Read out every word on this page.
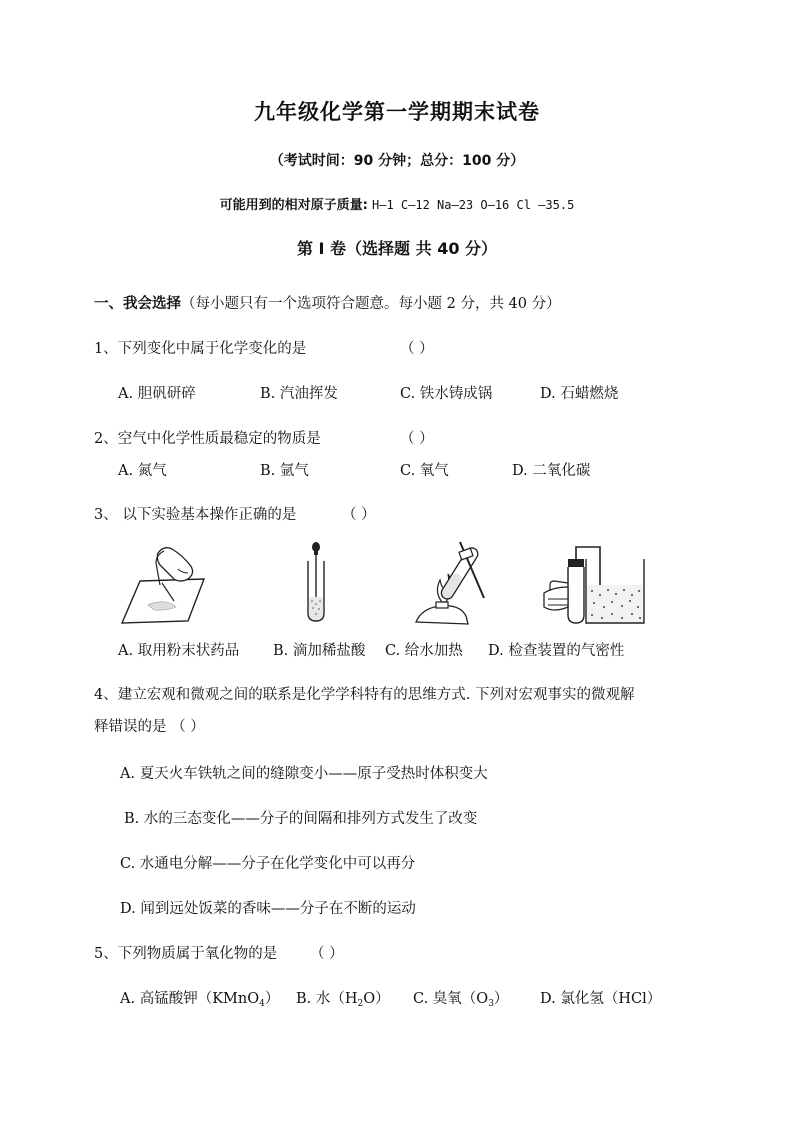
九年级化学第一学期期末试卷
（考试时间：90 分钟；总分：100 分）
可能用到的相对原子质量: H—1 C—12 Na—23 O—16 Cl —35.5
第 I 卷（选择题 共 40 分）
一、我会选择（每小题只有一个选项符合题意。每小题 2 分，共 40 分）
1、下列变化中属于化学变化的是	（ ）
A. 胆矾研碎	B. 汽油挥发	C. 铁水铸成锅	D. 石蜡燃烧
2、空气中化学性质最稳定的物质是	（ ）
A. 氮气	B. 氩气	C. 氧气	D. 二氧化碳
3、 以下实验基本操作正确的是	（ ）
A. 取用粉末状药品 B. 滴加稀盐酸 C. 给水加热 D. 检查装置的气密性
4、建立宏观和微观之间的联系是化学学科特有的思维方式. 下列对宏观事实的微观解
释错误的是 （ ）
A. 夏天火车铁轨之间的缝隙变小——原子受热时体积变大
B. 水的三态变化——分子的间隔和排列方式发生了改变
C. 水通电分解——分子在化学变化中可以再分
D. 闻到远处饭菜的香味——分子在不断的运动
5、下列物质属于氧化物的是 （ ）
A. 高锰酸钾（KMnO$_4$） B. 水$(H_2O)$ C. 臭氧$(O_3)$ D. 氯化氢（HCl）
